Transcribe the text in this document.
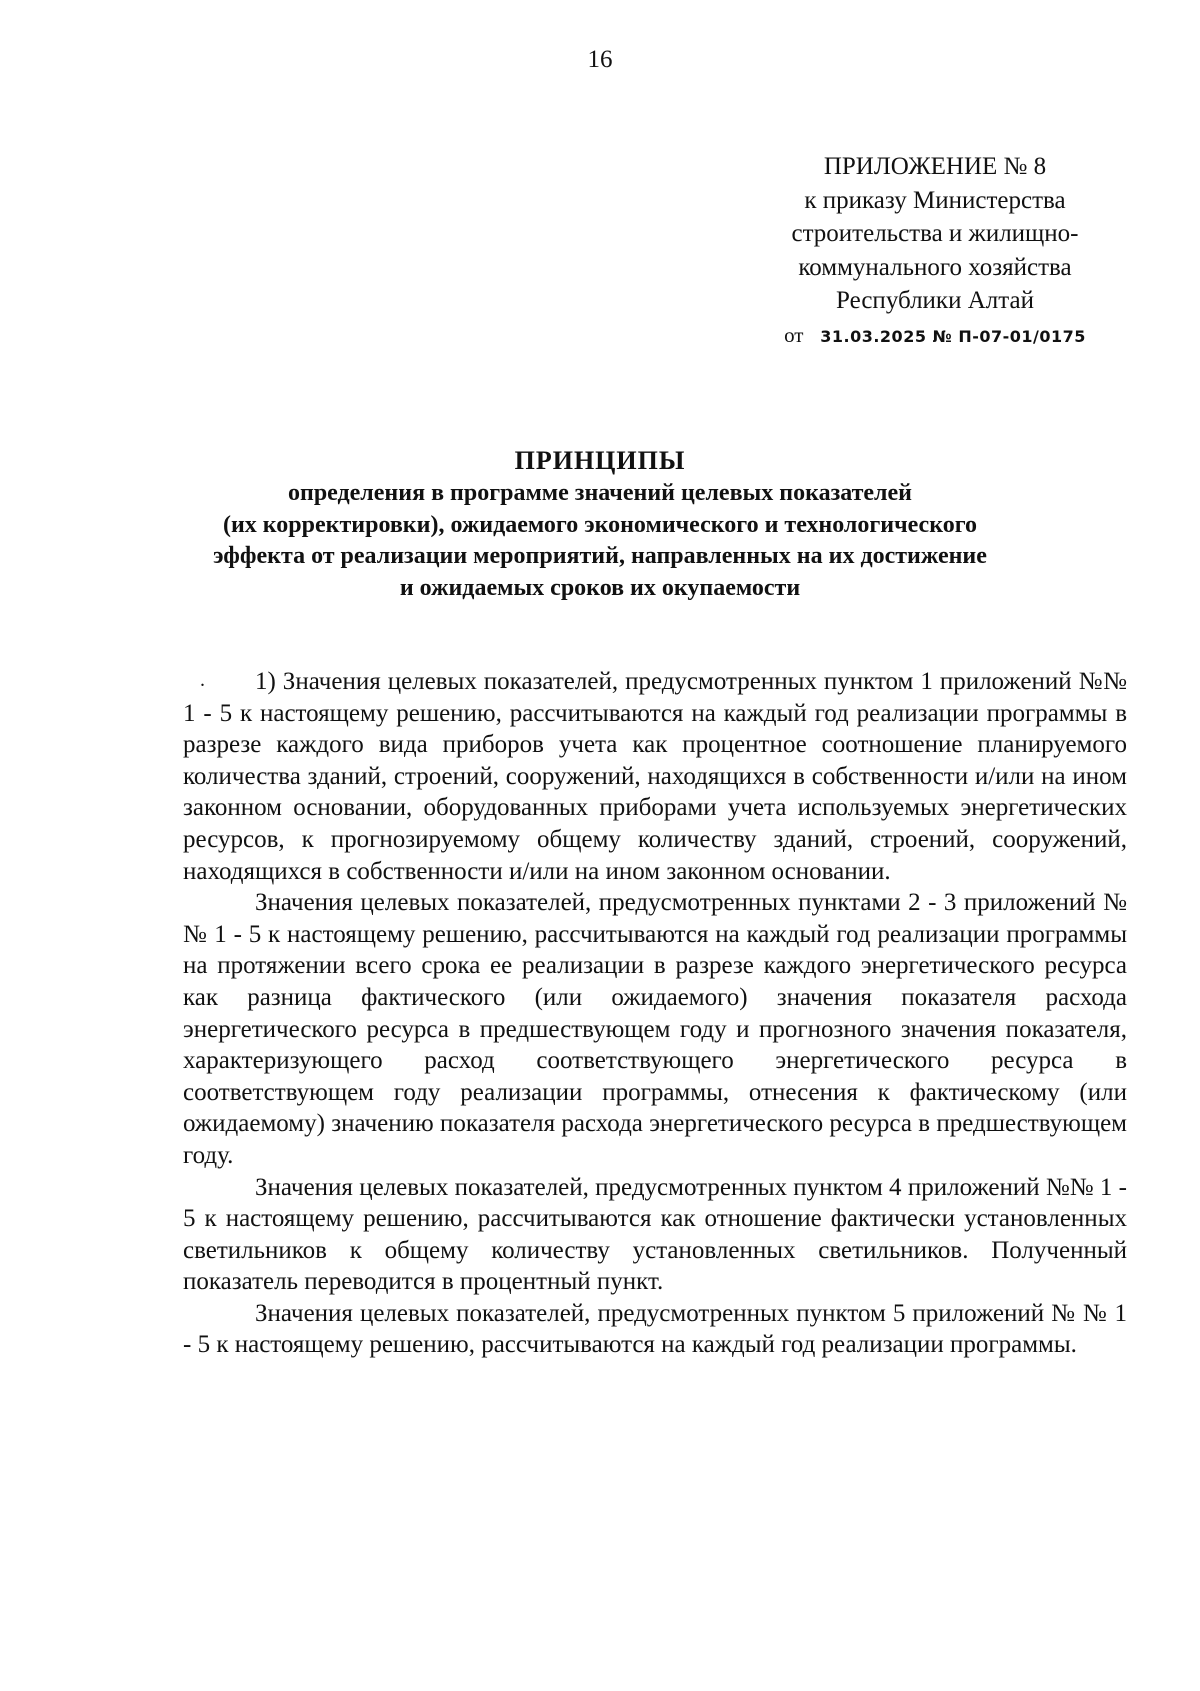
16
ПРИЛОЖЕНИЕ № 8
к приказу Министерства
строительства и жилищно-
коммунального хозяйства
Республики Алтай
от 31.03.2025 № П-07-01/0175
ПРИНЦИПЫ
определения в программе значений целевых показателей
(их корректировки), ожидаемого экономического и технологического
эффекта от реализации мероприятий, направленных на их достижение
и ожидаемых сроков их окупаемости
.	1) Значения целевых показателей, предусмотренных пунктом 1 приложений №№ 1 - 5 к настоящему решению, рассчитываются на каждый год реализации программы в разрезе каждого вида приборов учета как процентное соотношение планируемого количества зданий, строений, сооружений, находящихся в собственности и/или на ином законном основании, оборудованных приборами учета используемых энергетических ресурсов, к прогнозируемому общему количеству зданий, строений, сооружений, находящихся в собственности и/или на ином законном основании.

Значения целевых показателей, предусмотренных пунктами 2 - 3 приложений №№ 1 - 5 к настоящему решению, рассчитываются на каждый год реализации программы на протяжении всего срока ее реализации в разрезе каждого энергетического ресурса как разница фактического (или ожидаемого) значения показателя расхода энергетического ресурса в предшествующем году и прогнозного значения показателя, характеризующего расход соответствующего энергетического ресурса в соответствующем году реализации программы, отнесения к фактическому (или ожидаемому) значению показателя расхода энергетического ресурса в предшествующем году.

Значения целевых показателей, предусмотренных пунктом 4 приложений №№ 1 - 5 к настоящему решению, рассчитываются как отношение фактически установленных светильников к общему количеству установленных светильников. Полученный показатель переводится в процентный пункт.

Значения целевых показателей, предусмотренных пунктом 5 приложений № № 1 - 5 к настоящему решению, рассчитываются на каждый год реализации программы.
